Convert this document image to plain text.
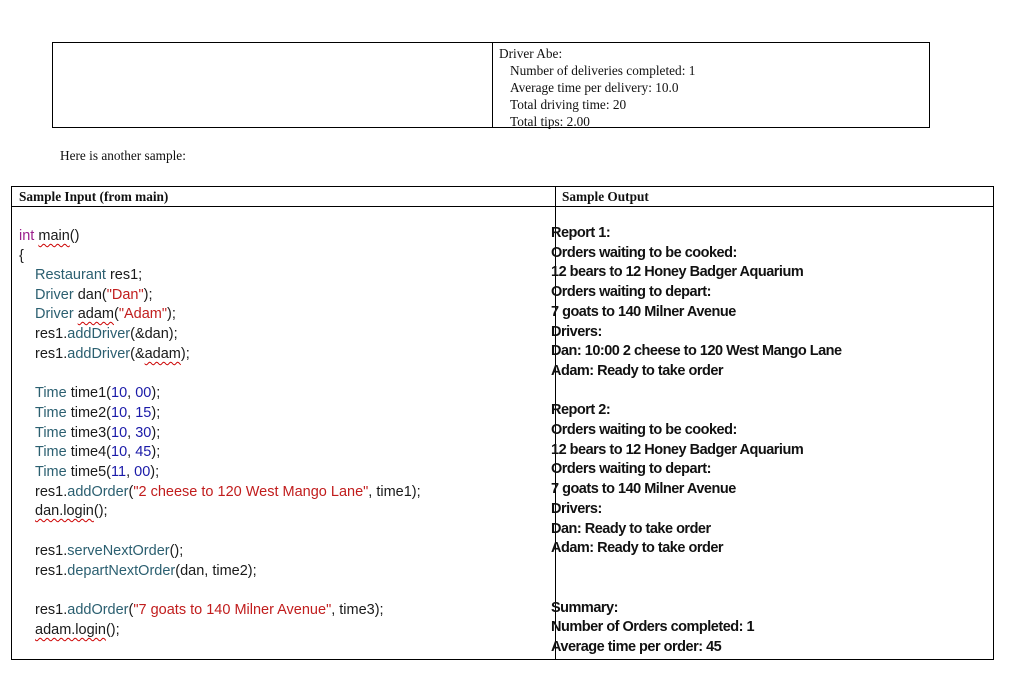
Driver Abe:
Number of deliveries completed: 1
Average time per delivery: 10.0
Total driving time: 20
Total tips: 2.00
Here is another sample:
Sample Input (from main)	Sample Output
int main()
{
Restaurant res1;
Driver dan("Dan");
Driver adam("Adam");
res1.addDriver(&dan);
res1.addDriver(&adam);
Time time1(10, 00);
Time time2(10, 15);
Time time3(10, 30);
Time time4(10, 45);
Time time5(11, 00);
res1.addOrder("2 cheese to 120 West Mango Lane", time1);
dan.login();
res1.serveNextOrder();
res1.departNextOrder(dan, time2);
res1.addOrder("7 goats to 140 Milner Avenue", time3);
adam.login();
Report 1:
Orders waiting to be cooked:
12 bears to 12 Honey Badger Aquarium
Orders waiting to depart:
7 goats to 140 Milner Avenue
Drivers:
Dan: 10:00 2 cheese to 120 West Mango Lane
Adam: Ready to take order
Report 2:
Orders waiting to be cooked:
12 bears to 12 Honey Badger Aquarium
Orders waiting to depart:
7 goats to 140 Milner Avenue
Drivers:
Dan: Ready to take order
Adam: Ready to take order
Summary:
Number of Orders completed: 1
Average time per order: 45
